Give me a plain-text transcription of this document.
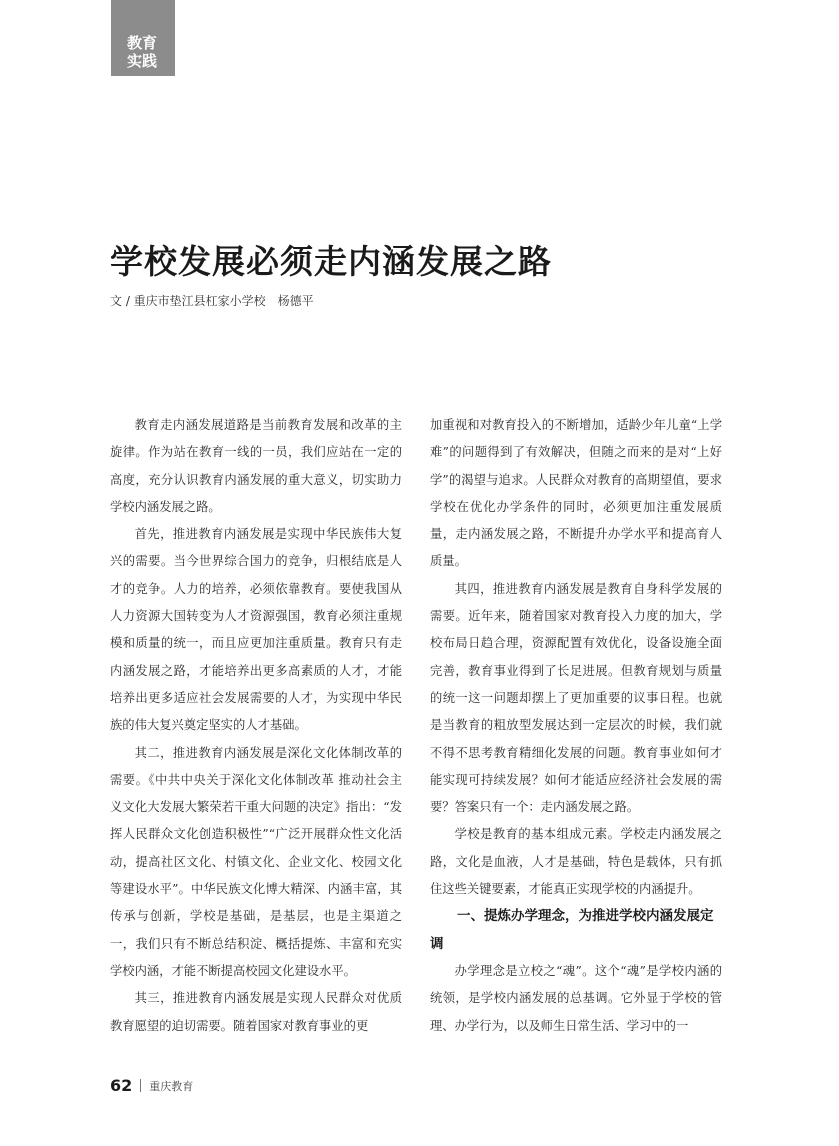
教育
实践
学校发展必须走内涵发展之路
文 / 重庆市垫江县杠家小学校　杨德平

教育走内涵发展道路是当前教育发展和改革的主旋律。作为站在教育一线的一员，我们应站在一定的高度，充分认识教育内涵发展的重大意义，切实助力学校内涵发展之路。

首先，推进教育内涵发展是实现中华民族伟大复兴的需要。当今世界综合国力的竞争，归根结底是人才的竞争。人力的培养，必须依靠教育。要使我国从人力资源大国转变为人才资源强国，教育必须注重规模和质量的统一，而且应更加注重质量。教育只有走内涵发展之路，才能培养出更多高素质的人才，才能培养出更多适应社会发展需要的人才，为实现中华民族的伟大复兴奠定坚实的人才基础。

其二，推进教育内涵发展是深化文化体制改革的需要。《中共中央关于深化文化体制改革 推动社会主义文化大发展大繁荣若干重大问题的决定》指出：“发挥人民群众文化创造积极性”“广泛开展群众性文化活动，提高社区文化、村镇文化、企业文化、校园文化等建设水平”。中华民族文化博大精深、内涵丰富，其传承与创新，学校是基础，是基层，也是主渠道之一，我们只有不断总结积淀、概括提炼、丰富和充实学校内涵，才能不断提高校园文化建设水平。

其三，推进教育内涵发展是实现人民群众对优质教育愿望的迫切需要。随着国家对教育事业的更

加重视和对教育投入的不断增加，适龄少年儿童“上学难”的问题得到了有效解决，但随之而来的是对“上好学”的渴望与追求。人民群众对教育的高期望值，要求学校在优化办学条件的同时，必须更加注重发展质量，走内涵发展之路，不断提升办学水平和提高育人质量。

其四，推进教育内涵发展是教育自身科学发展的需要。近年来，随着国家对教育投入力度的加大，学校布局日趋合理，资源配置有效优化，设备设施全面完善，教育事业得到了长足进展。但教育规划与质量的统一这一问题却摆上了更加重要的议事日程。也就是当教育的粗放型发展达到一定层次的时候，我们就不得不思考教育精细化发展的问题。教育事业如何才能实现可持续发展？如何才能适应经济社会发展的需要？答案只有一个：走内涵发展之路。

学校是教育的基本组成元素。学校走内涵发展之路，文化是血液，人才是基础，特色是载体，只有抓住这些关键要素，才能真正实现学校的内涵提升。

一、提炼办学理念，为推进学校内涵发展定调

办学理念是立校之“魂”。这个“魂”是学校内涵的统领，是学校内涵发展的总基调。它外显于学校的管理、办学行为，以及师生日常生活、学习中的一

62 重庆教育
